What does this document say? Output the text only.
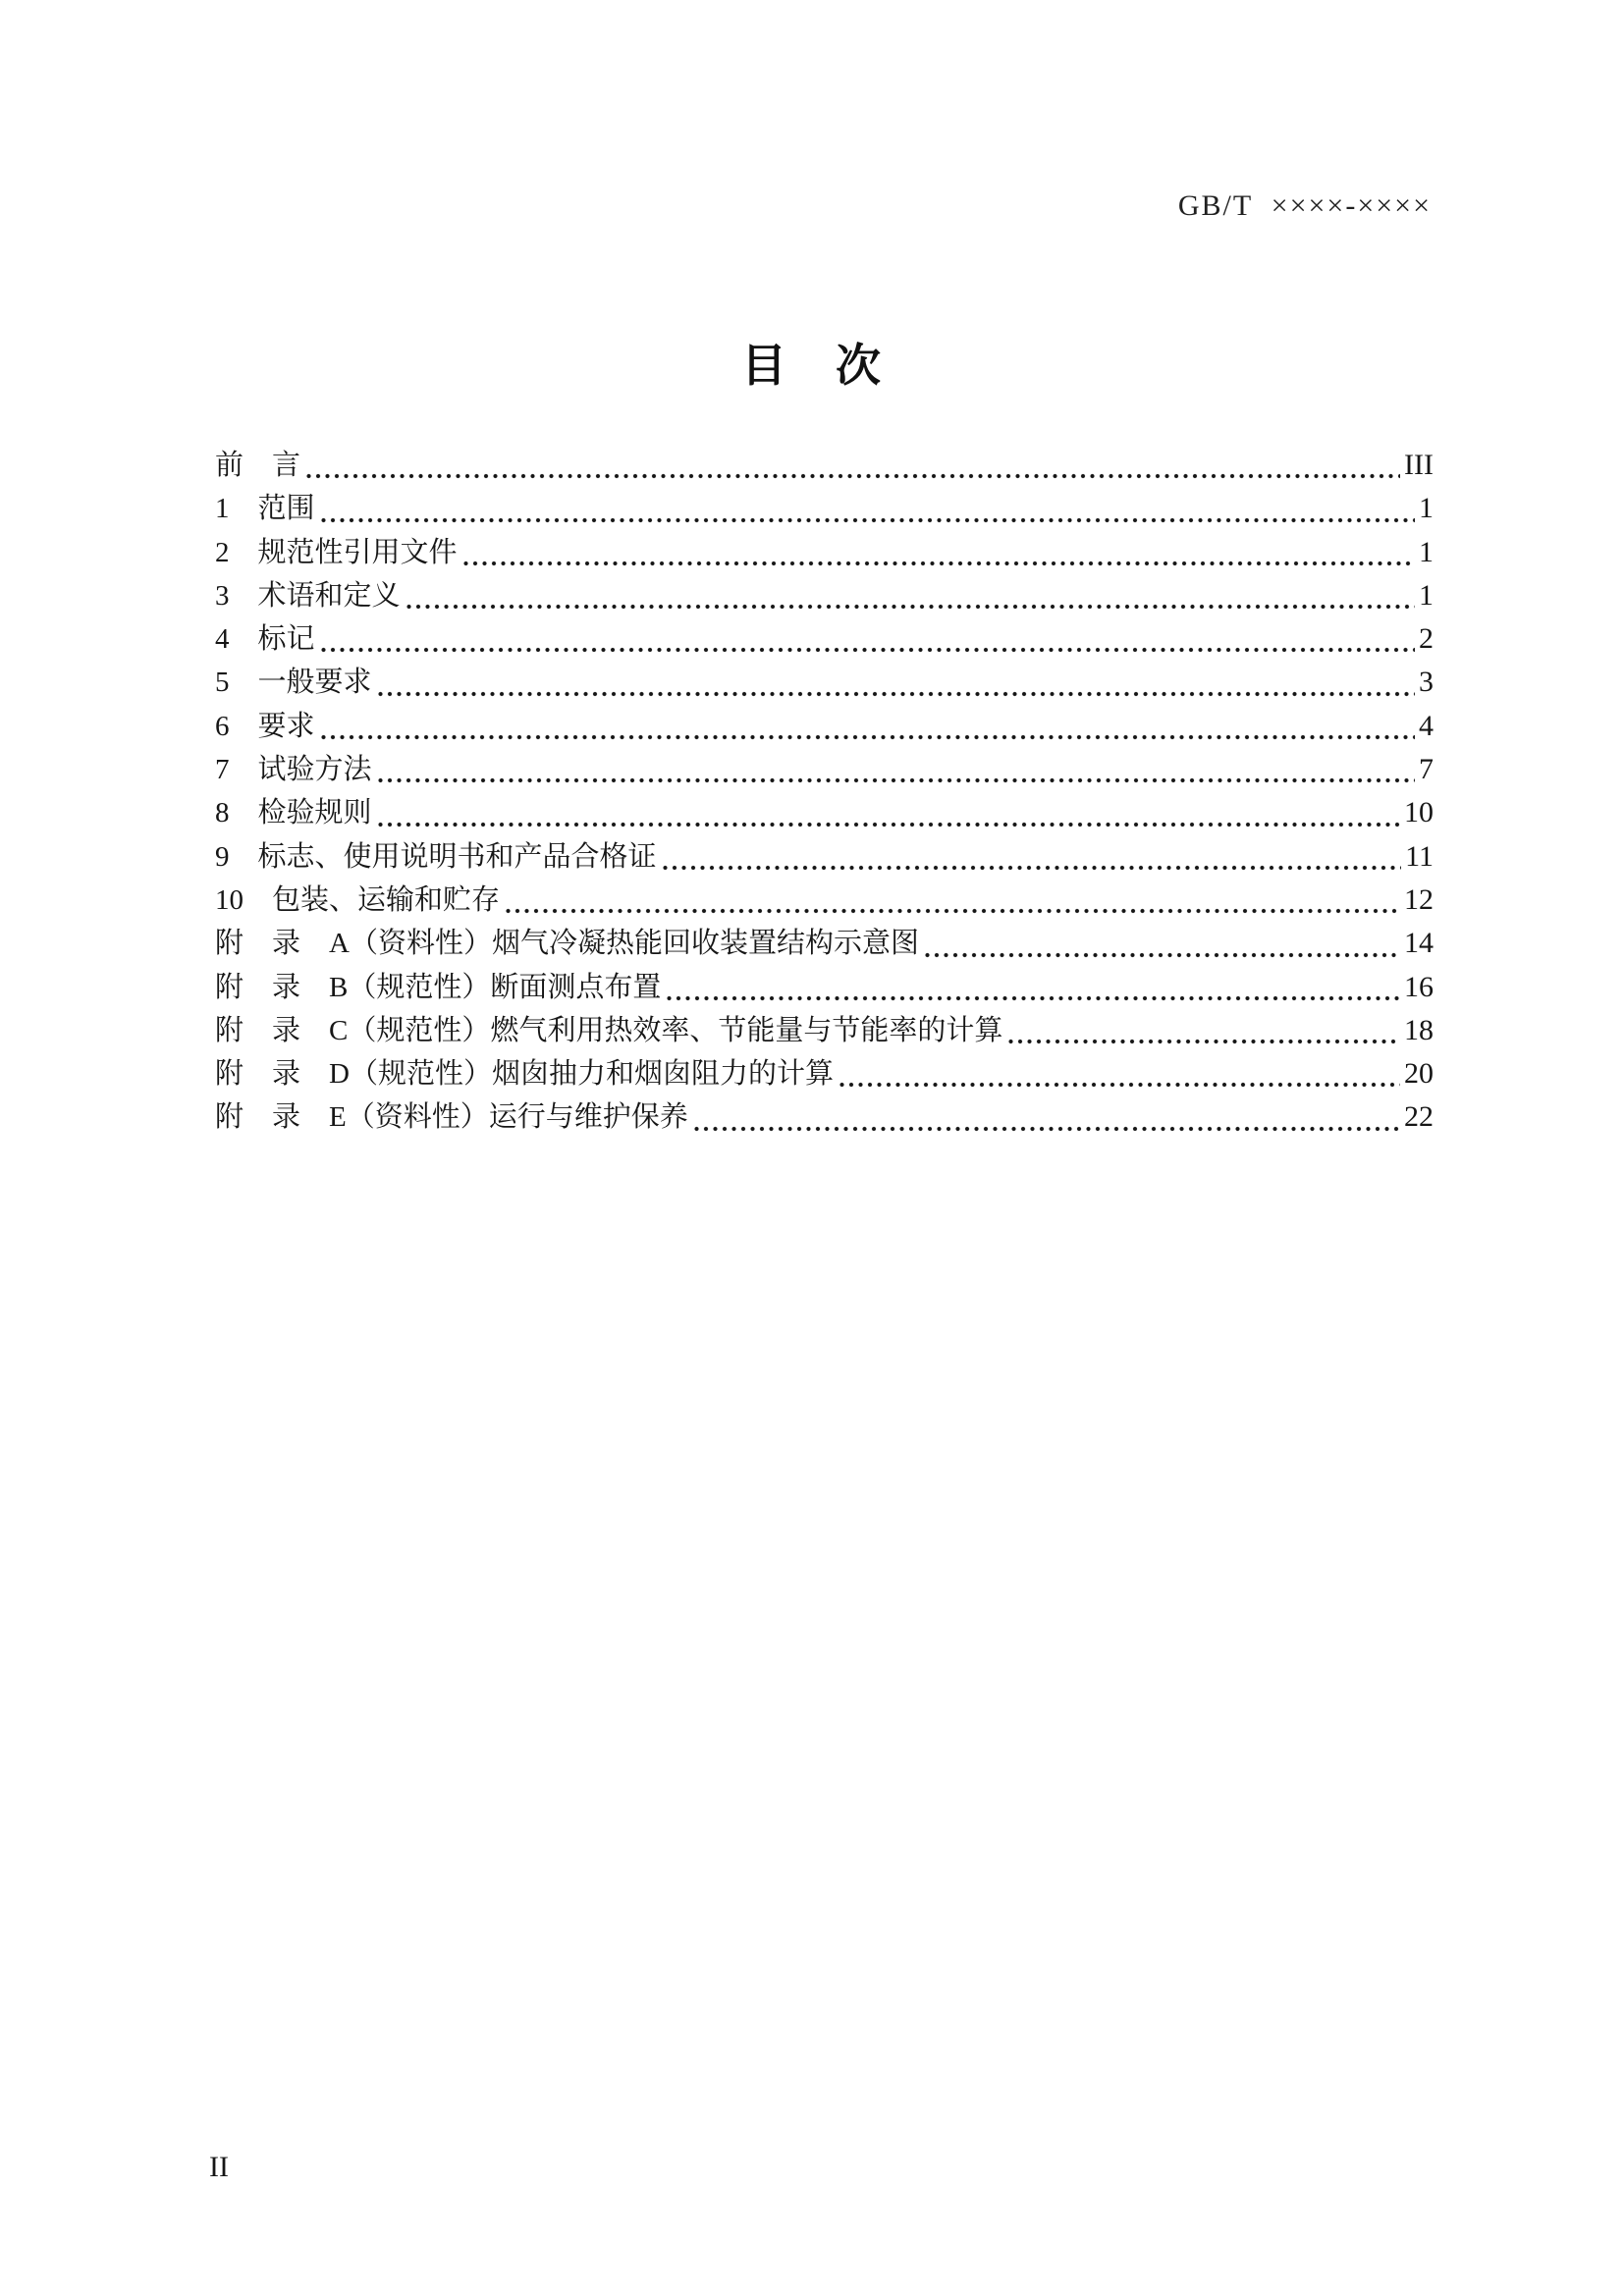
GB/T  ××××-××××
目　次
前　言	III
1　范围	1
2　规范性引用文件	1
3　术语和定义	1
4　标记	2
5　一般要求	3
6　要求	4
7　试验方法	7
8　检验规则	10
9　标志、使用说明书和产品合格证	11
10　包装、运输和贮存	12
附　录　A（资料性）烟气冷凝热能回收装置结构示意图	14
附　录　B（规范性）断面测点布置	16
附　录　C（规范性）燃气利用热效率、节能量与节能率的计算	18
附　录　D（规范性）烟囱抽力和烟囱阻力的计算	20
附　录　E（资料性）运行与维护保养	22
II
